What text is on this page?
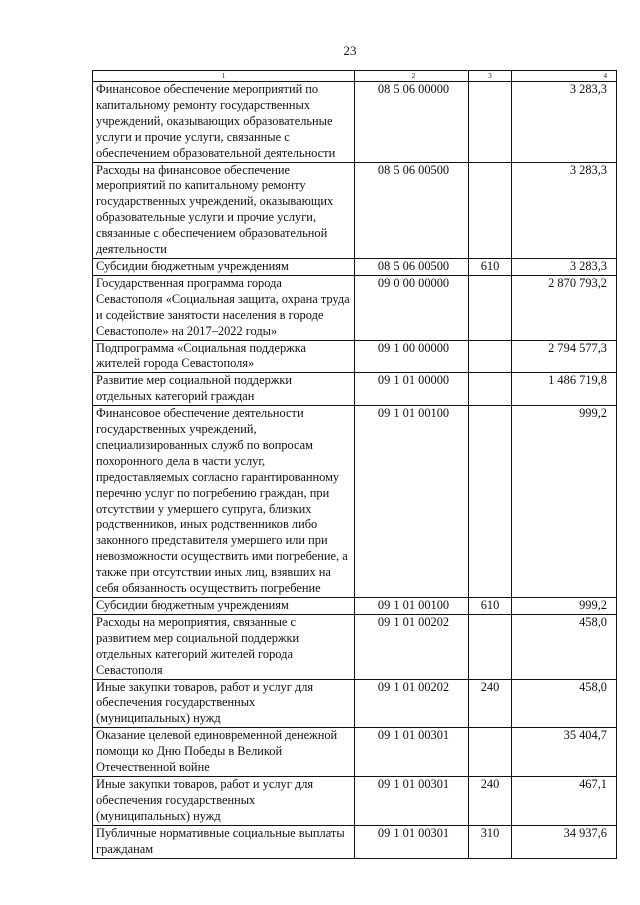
23
1	2	3	4
Финансовое обеспечение мероприятий по капитальному ремонту государственных учреждений, оказывающих образовательные услуги и прочие услуги, связанные с обеспечением образовательной деятельности	08 5 06 00000		3 283,3
Расходы на финансовое обеспечение мероприятий по капитальному ремонту государственных учреждений, оказывающих образовательные услуги и прочие услуги, связанные с обеспечением образовательной деятельности	08 5 06 00500		3 283,3
Субсидии бюджетным учреждениям	08 5 06 00500	610	3 283,3
Государственная программа города Севастополя «Социальная защита, охрана труда и содействие занятости населения в городе Севастополе» на 2017–2022 годы»	09 0 00 00000		2 870 793,2
Подпрограмма «Социальная поддержка жителей города Севастополя»	09 1 00 00000		2 794 577,3
Развитие мер социальной поддержки отдельных категорий граждан	09 1 01 00000		1 486 719,8
Финансовое обеспечение деятельности государственных учреждений, специализированных служб по вопросам похоронного дела в части услуг, предоставляемых согласно гарантированному перечню услуг по погребению граждан, при отсутствии у умершего супруга, близких родственников, иных родственников либо законного представителя умершего или при невозможности осуществить ими погребение, а также при отсутствии иных лиц, взявших на себя обязанность осуществить погребение	09 1 01 00100		999,2
Субсидии бюджетным учреждениям	09 1 01 00100	610	999,2
Расходы на мероприятия, связанные с развитием мер социальной поддержки отдельных категорий жителей города Севастополя	09 1 01 00202		458,0
Иные закупки товаров, работ и услуг для обеспечения государственных (муниципальных) нужд	09 1 01 00202	240	458,0
Оказание целевой единовременной денежной помощи ко Дню Победы в Великой Отечественной войне	09 1 01 00301		35 404,7
Иные закупки товаров, работ и услуг для обеспечения государственных (муниципальных) нужд	09 1 01 00301	240	467,1
Публичные нормативные социальные выплаты гражданам	09 1 01 00301	310	34 937,6
